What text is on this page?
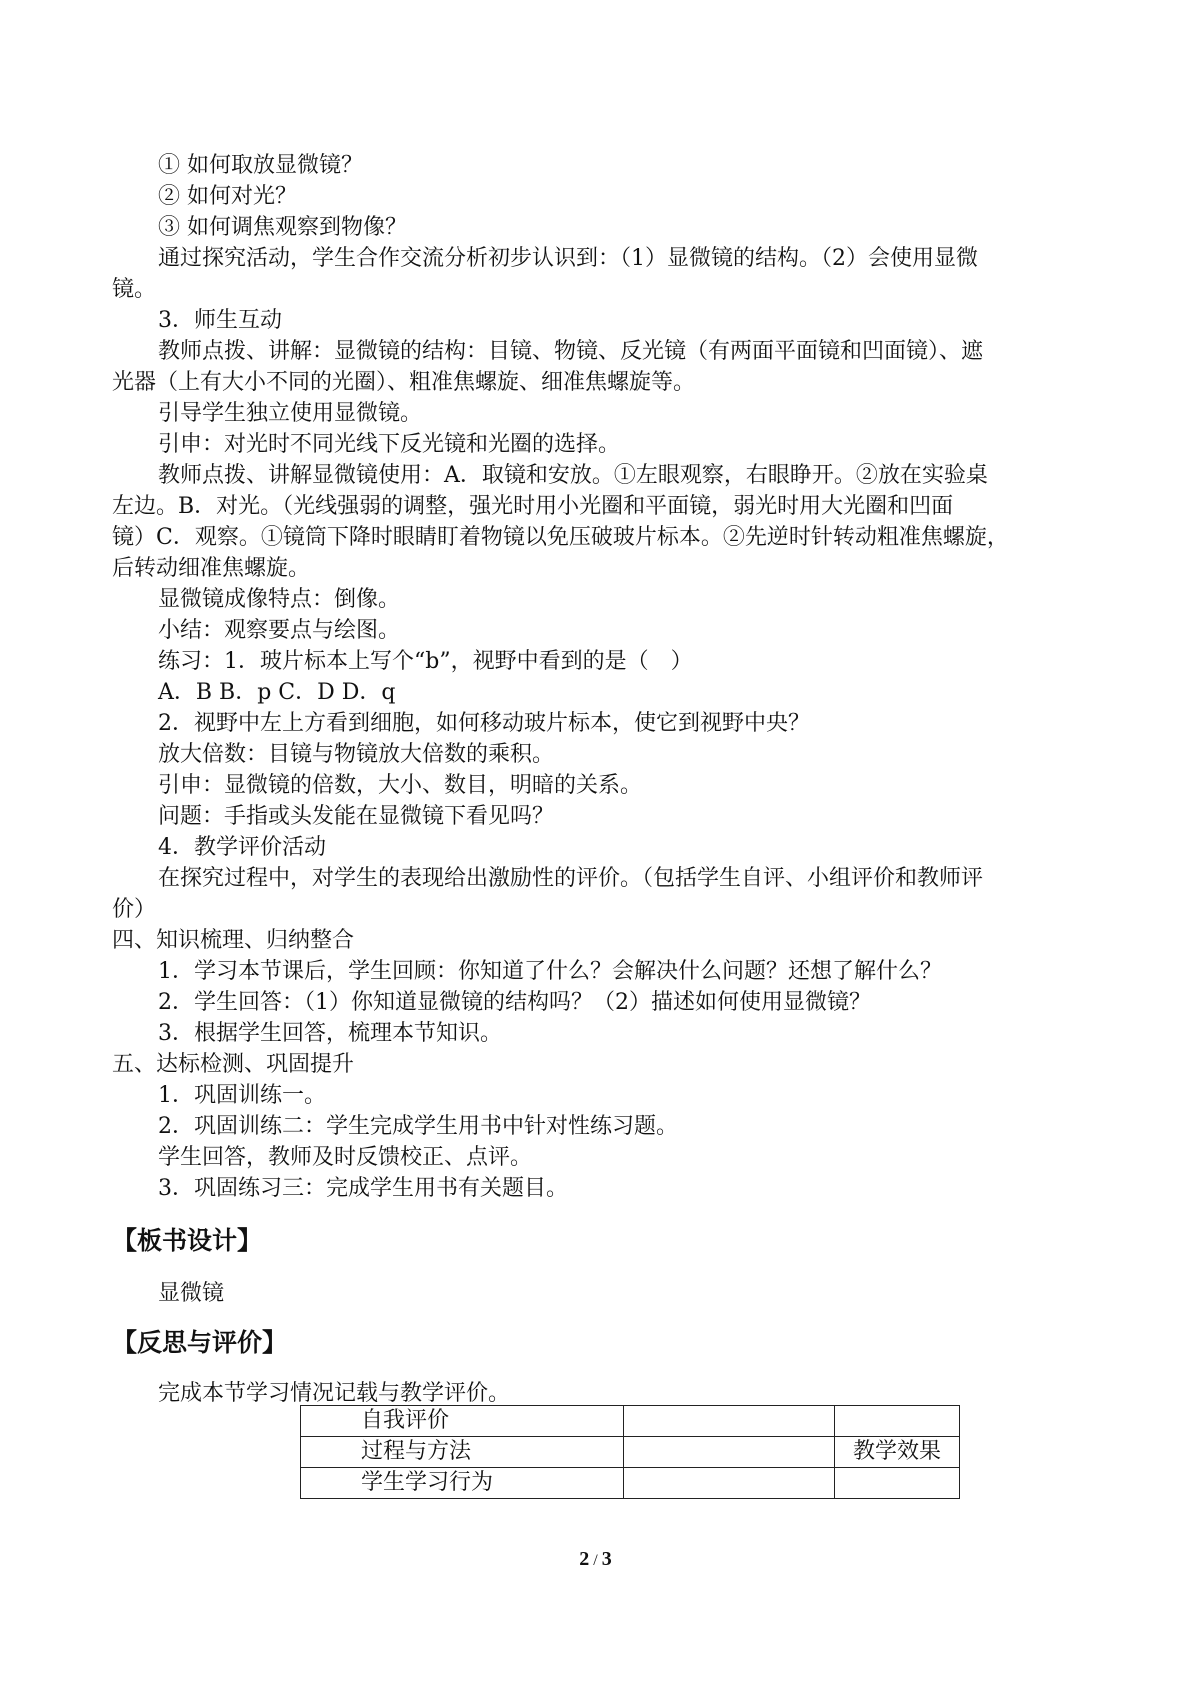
① 如何取放显微镜？
② 如何对光？
③ 如何调焦观察到物像？
通过探究活动，学生合作交流分析初步认识到：（1）显微镜的结构。（2）会使用显微
镜。
3．师生互动
教师点拨、讲解：显微镜的结构：目镜、物镜、反光镜（有两面平面镜和凹面镜）、遮
光器（上有大小不同的光圈）、粗准焦螺旋、细准焦螺旋等。
引导学生独立使用显微镜。
引申：对光时不同光线下反光镜和光圈的选择。
教师点拨、讲解显微镜使用：A．取镜和安放。①左眼观察，右眼睁开。②放在实验桌
左边。B．对光。（光线强弱的调整，强光时用小光圈和平面镜，弱光时用大光圈和凹面
镜）C．观察。①镜筒下降时眼睛盯着物镜以免压破玻片标本。②先逆时针转动粗准焦螺旋，
后转动细准焦螺旋。
显微镜成像特点：倒像。
小结：观察要点与绘图。
练习：1．玻片标本上写个“b”，视野中看到的是（　）
A．B B．p C．D D．q
2．视野中左上方看到细胞，如何移动玻片标本，使它到视野中央？
放大倍数：目镜与物镜放大倍数的乘积。
引申：显微镜的倍数，大小、数目，明暗的关系。
问题：手指或头发能在显微镜下看见吗？
4．教学评价活动
在探究过程中，对学生的表现给出激励性的评价。（包括学生自评、小组评价和教师评
价）
四、知识梳理、归纳整合
1．学习本节课后，学生回顾：你知道了什么？会解决什么问题？还想了解什么？
2．学生回答：（1）你知道显微镜的结构吗？（2）描述如何使用显微镜？
3．根据学生回答，梳理本节知识。
五、达标检测、巩固提升
1．巩固训练一。
2．巩固训练二：学生完成学生用书中针对性练习题。
学生回答，教师及时反馈校正、点评。
3．巩固练习三：完成学生用书有关题目。
【板书设计】
显微镜
【反思与评价】
完成本节学习情况记载与教学评价。
自我评价		
过程与方法		教学效果
学生学习行为		
2 / 3
